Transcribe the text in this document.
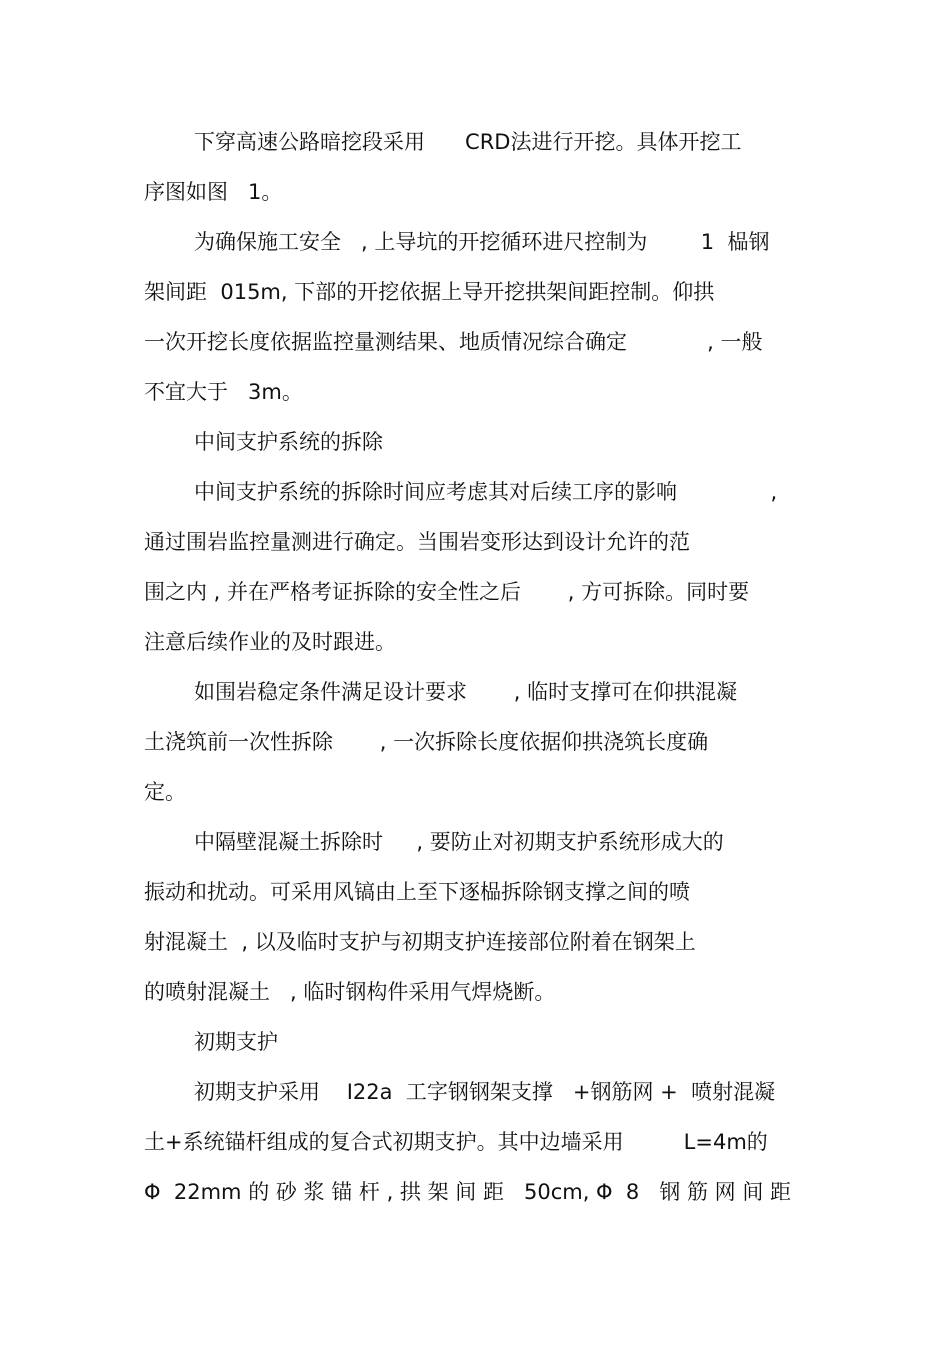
下穿高速公路暗挖段采用      CRD法进行开挖。具体开挖工
序图如图   1。
为确保施工安全   , 上导坑的开挖循环进尺控制为        1  榀钢
架间距  015m, 下部的开挖依据上导开挖拱架间距控制。仰拱
一次开挖长度依据监控量测结果、地质情况综合确定            , 一般
不宜大于   3m。
中间支护系统的拆除
中间支护系统的拆除时间应考虑其对后续工序的影响              ,
通过围岩监控量测进行确定。当围岩变形达到设计允许的范
围之内 , 并在严格考证拆除的安全性之后       , 方可拆除。同时要
注意后续作业的及时跟进。
如围岩稳定条件满足设计要求       , 临时支撑可在仰拱混凝
土浇筑前一次性拆除       , 一次拆除长度依据仰拱浇筑长度确
定。
中隔壁混凝土拆除时     , 要防止对初期支护系统形成大的
振动和扰动。可采用风镐由上至下逐榀拆除钢支撑之间的喷
射混凝土  , 以及临时支护与初期支护连接部位附着在钢架上
的喷射混凝土   , 临时钢构件采用气焊烧断。
初期支护
初期支护采用    I22a  工字钢钢架支撑   +钢筋网 +  喷射混凝
土+系统锚杆组成的复合式初期支护。其中边墙采用         L=4m的
Φ  22mm 的 砂 浆 锚 杆 , 拱 架 间 距   50cm, Φ  8   钢 筋 网 间 距
